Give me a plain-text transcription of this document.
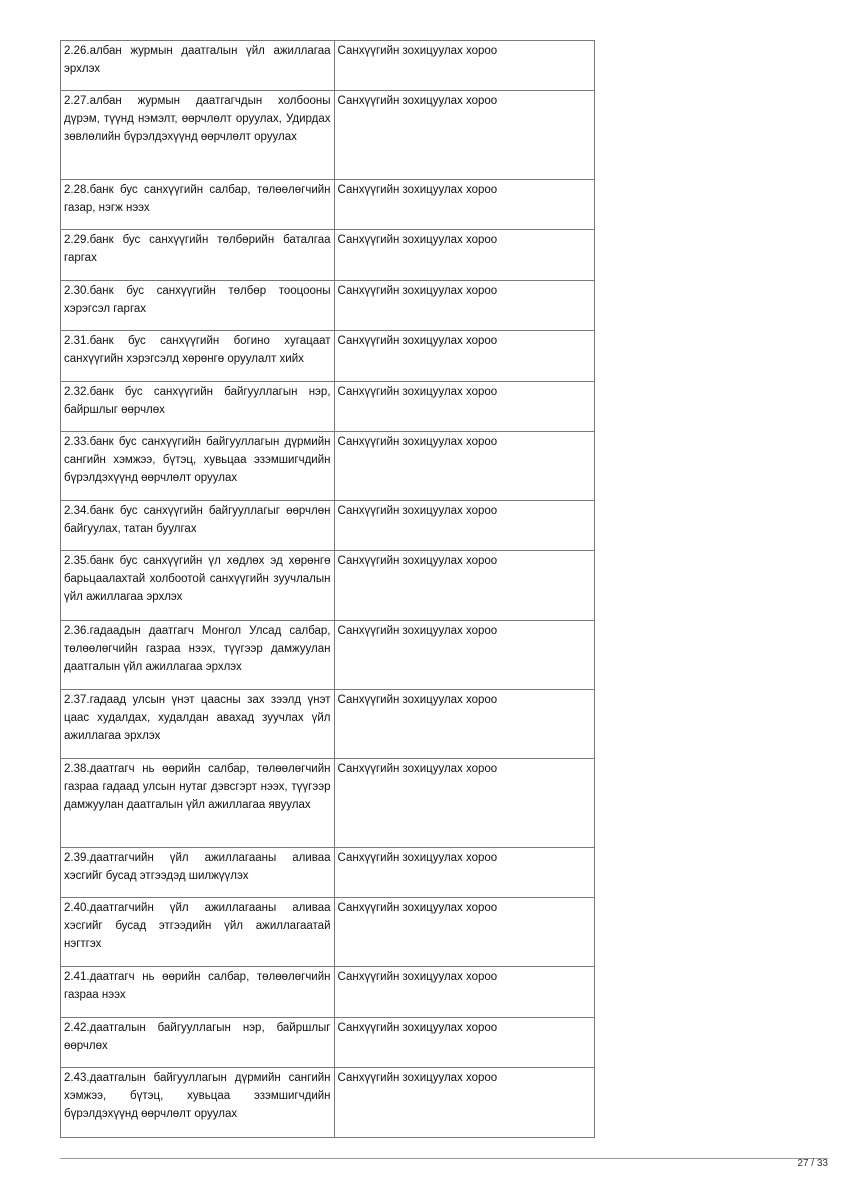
2.26.албан журмын даатгалын үйл ажиллагаа эрхлэх	Санхүүгийн зохицуулах хороо
2.27.албан журмын даатгагчдын холбооны дүрэм, түүнд нэмэлт, өөрчлөлт оруулах, Удирдах зөвлөлийн бүрэлдэхүүнд өөрчлөлт оруулах	Санхүүгийн зохицуулах хороо
2.28.банк бус санхүүгийн салбар, төлөөлөгчийн газар, нэгж нээх	Санхүүгийн зохицуулах хороо
2.29.банк бус санхүүгийн төлбөрийн баталгаа гаргах	Санхүүгийн зохицуулах хороо
2.30.банк бус санхүүгийн төлбөр тооцооны хэрэгсэл гаргах	Санхүүгийн зохицуулах хороо
2.31.банк бус санхүүгийн богино хугацаат санхүүгийн хэрэгсэлд хөрөнгө оруулалт хийх	Санхүүгийн зохицуулах хороо
2.32.банк бус санхүүгийн байгууллагын нэр, байршлыг өөрчлөх	Санхүүгийн зохицуулах хороо
2.33.банк бус санхүүгийн байгууллагын дүрмийн сангийн хэмжээ, бүтэц, хувьцаа эзэмшигчдийн бүрэлдэхүүнд өөрчлөлт оруулах	Санхүүгийн зохицуулах хороо
2.34.банк бус санхүүгийн байгууллагыг өөрчлөн байгуулах, татан буулгах	Санхүүгийн зохицуулах хороо
2.35.банк бус санхүүгийн үл хөдлөх эд хөрөнгө барьцаалахтай холбоотой санхүүгийн зуучлалын үйл ажиллагаа эрхлэх	Санхүүгийн зохицуулах хороо
2.36.гадаадын даатгагч Монгол Улсад салбар, төлөөлөгчийн газраа нээх, түүгээр дамжуулан даатгалын үйл ажиллагаа эрхлэх	Санхүүгийн зохицуулах хороо
2.37.гадаад улсын үнэт цаасны зах зээлд үнэт цаас худалдах, худалдан авахад зуучлах үйл ажиллагаа эрхлэх	Санхүүгийн зохицуулах хороо
2.38.даатгагч нь өөрийн салбар, төлөөлөгчийн газраа гадаад улсын нутаг дэвсгэрт нээх, түүгээр дамжуулан даатгалын үйл ажиллагаа явуулах	Санхүүгийн зохицуулах хороо
2.39.даатгагчийн үйл ажиллагааны аливаа хэсгийг бусад этгээдэд шилжүүлэх	Санхүүгийн зохицуулах хороо
2.40.даатгагчийн үйл ажиллагааны аливаа хэсгийг бусад этгээдийн үйл ажиллагаатай нэгтгэх	Санхүүгийн зохицуулах хороо
2.41.даатгагч нь өөрийн салбар, төлөөлөгчийн газраа нээх	Санхүүгийн зохицуулах хороо
2.42.даатгалын байгууллагын нэр, байршлыг өөрчлөх	Санхүүгийн зохицуулах хороо
2.43.даатгалын байгууллагын дүрмийн сангийн хэмжээ, бүтэц, хувьцаа эзэмшигчдийн бүрэлдэхүүнд өөрчлөлт оруулах	Санхүүгийн зохицуулах хороо
27 / 33
